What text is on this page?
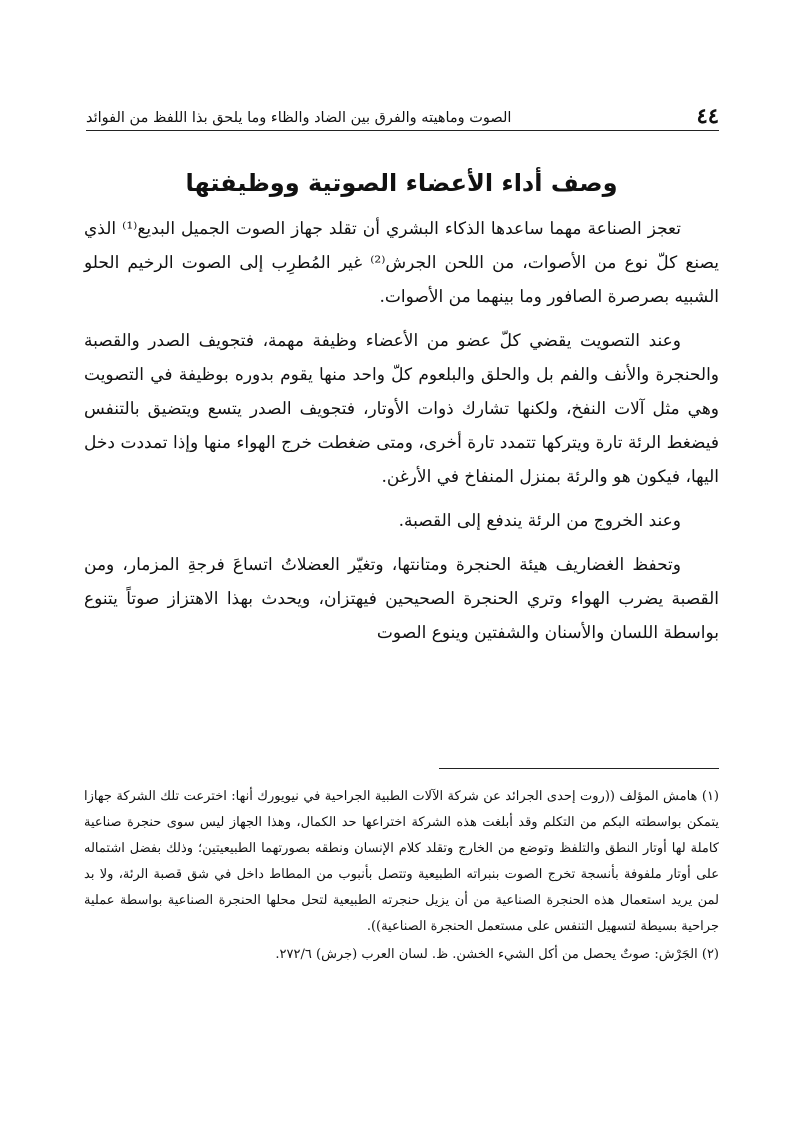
٤٤
الصوت وماهيته والفرق بين الضاد والظاء وما يلحق بذا اللفظ من الفوائد
وصف أداء الأعضاء الصوتية ووظيفتها

تعجز الصناعة مهما ساعدها الذكاء البشري أن تقلد جهاز الصوت الجميل البديع⁽¹⁾ الذي يصنع كلّ نوع من الأصوات، من اللحن الجرش⁽²⁾ غير المُطرِب إلى الصوت الرخيم الحلو الشبيه بصرصرة الصافور وما بينهما من الأصوات.

وعند التصويت يقضي كلّ عضو من الأعضاء وظيفة مهمة، فتجويف الصدر والقصبة والحنجرة والأنف والفم بل والحلق والبلعوم كلّ واحد منها يقوم بدوره بوظيفة في التصويت وهي مثل آلات النفخ، ولكنها تشارك ذوات الأوتار، فتجويف الصدر يتسع ويتضيق بالتنفس فيضغط الرئة تارة ويتركها تتمدد تارة أخرى، ومتى ضغطت خرج الهواء منها وإذا تمددت دخل اليها، فيكون هو والرئة بمنزل المنفاخ في الأرغن.

وعند الخروج من الرئة يندفع إلى القصبة.

وتحفظ الغضاريف هيئة الحنجرة ومتانتها، وتغيّر العضلاتُ اتساعَ فرجةِ المزمار، ومن القصبة يضرب الهواء وتري الحنجرة الصحيحين فيهتزان، ويحدث بهذا الاهتزاز صوتاً يتنوع بواسطة اللسان والأسنان والشفتين وينوع الصوت

(١) هامش المؤلف ((روت إحدى الجرائد عن شركة الآلات الطبية الجراحية في نيويورك أنها: اخترعت تلك الشركة جهازا يتمكن بواسطته البكم من التكلم وقد أبلغت هذه الشركة اختراعها حد الكمال، وهذا الجهاز ليس سوى حنجرة صناعية كاملة لها أوتار النطق والتلفظ وتوضع من الخارج وتقلد كلام الإنسان ونطقه بصورتهما الطبيعيتين؛ وذلك بفضل اشتماله على أوتار ملفوفة بأنسجة تخرج الصوت بنبراته الطبيعية وتتصل بأنبوب من المطاط داخل في شق قصبة الرئة، ولا بد لمن يريد استعمال هذه الحنجرة الصناعية من أن يزيل حنجرته الطبيعية لتحل محلها الحنجرة الصناعية بواسطة عملية جراحية بسيطة لتسهيل التنفس على مستعمل الحنجرة الصناعية)).

(٢) الجَرْش: صوتٌ يحصل من أكل الشيء الخشن. ظ. لسان العرب (جرش) ٢٧٢/٦.
